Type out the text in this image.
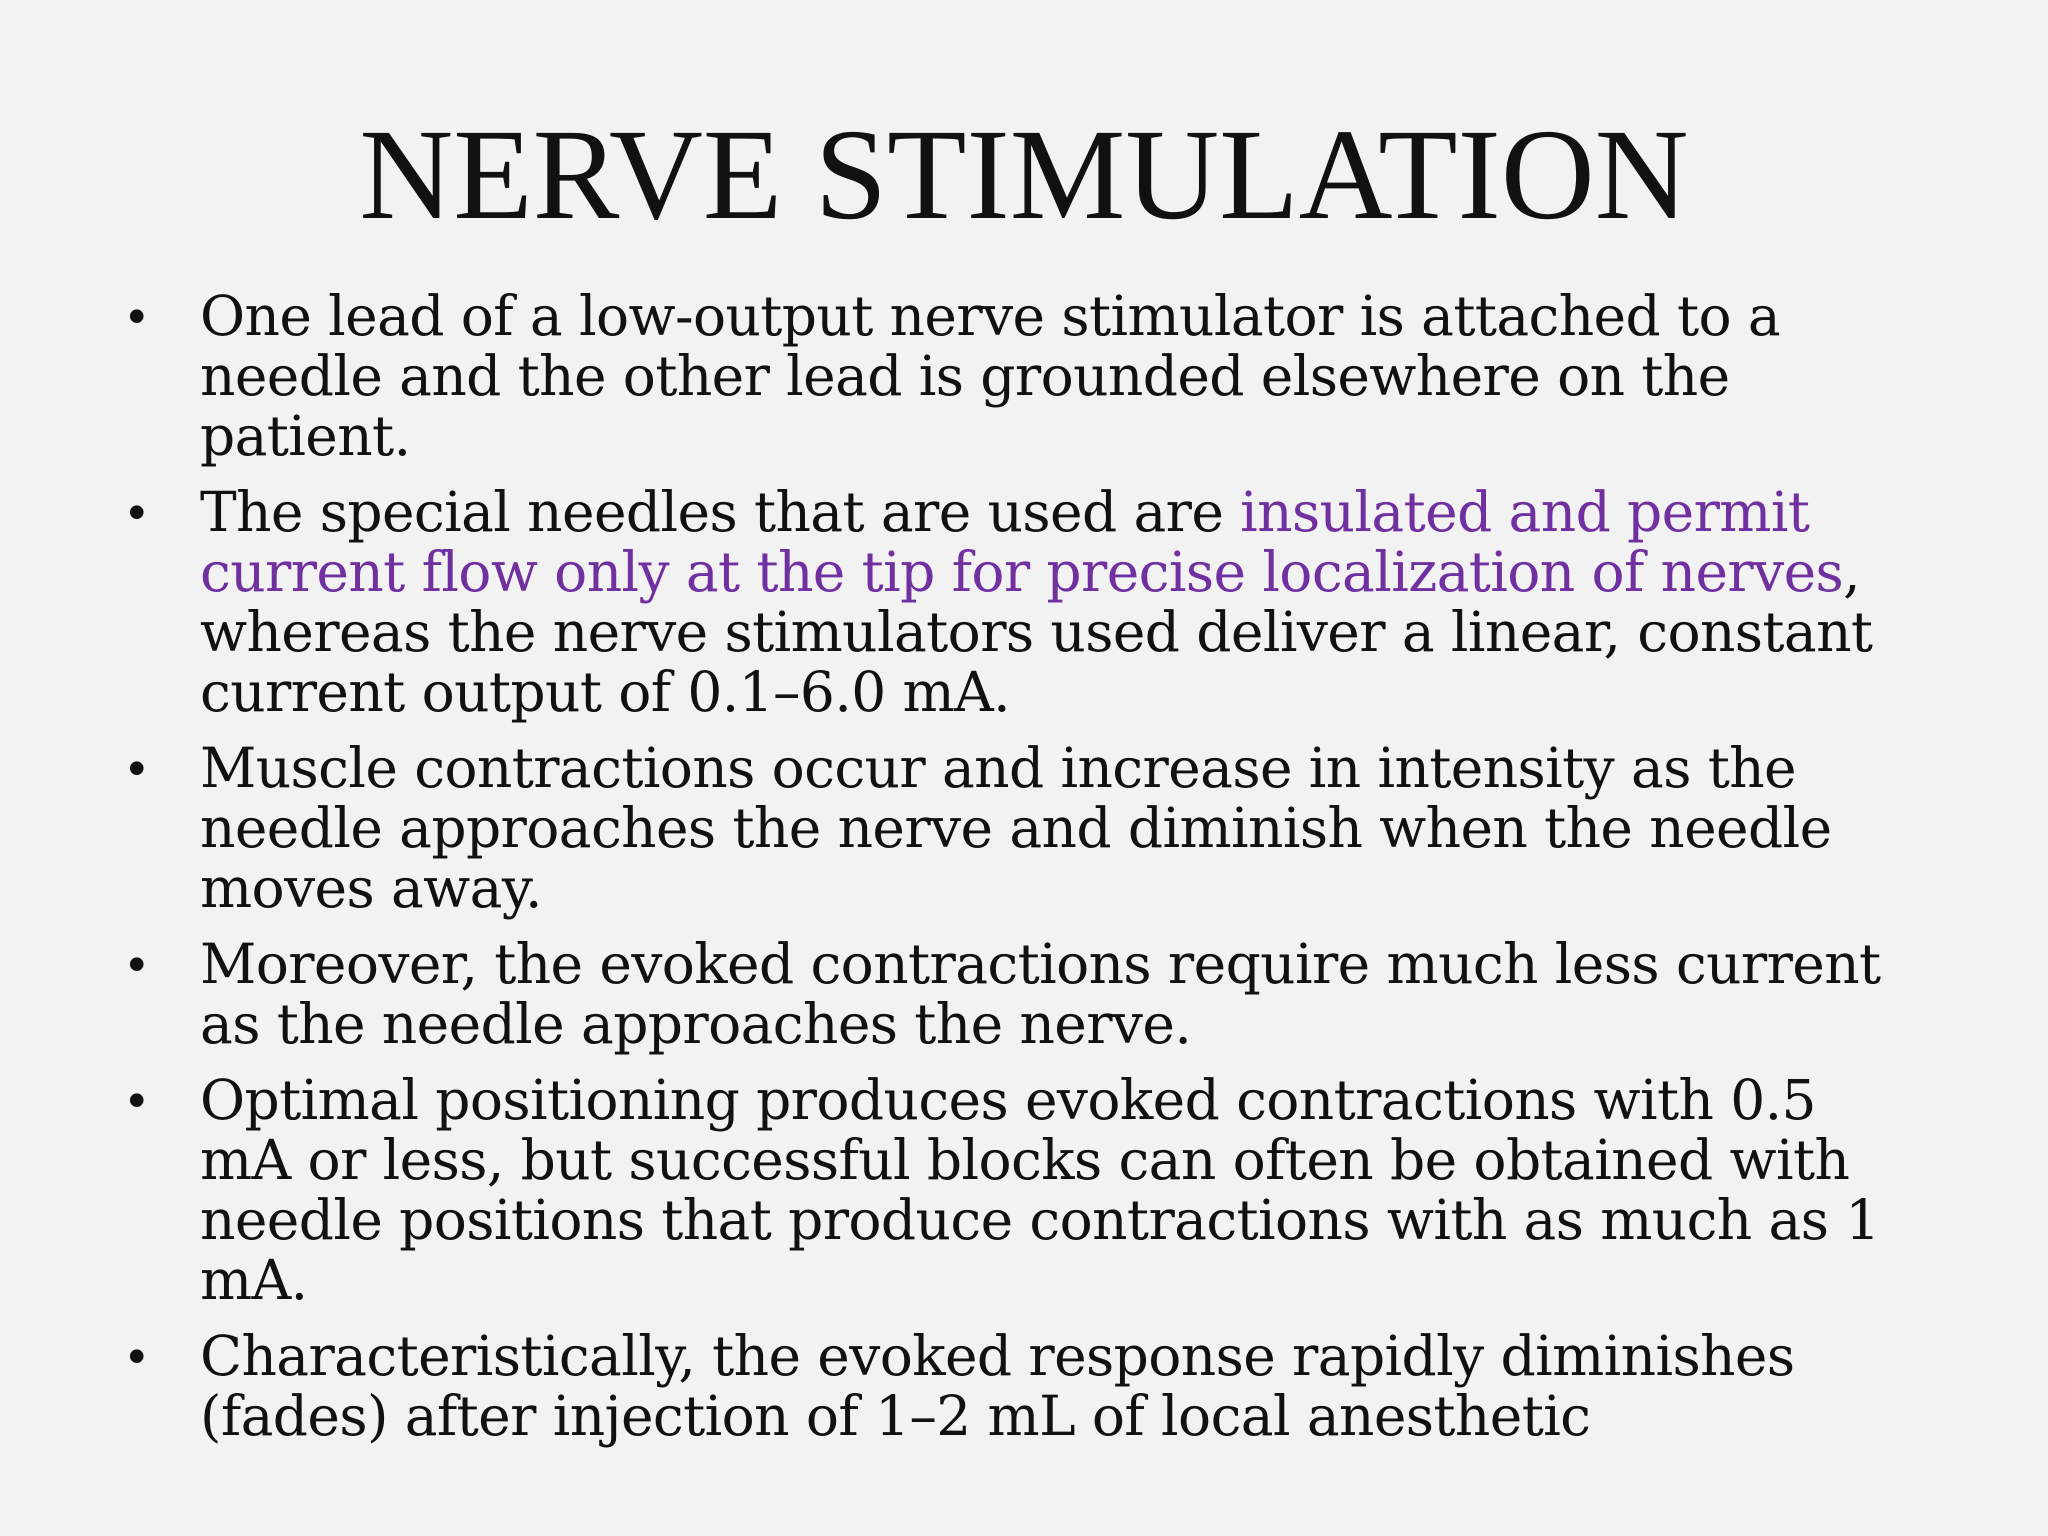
NERVE STIMULATION
• One lead of a low-output nerve stimulator is attached to a needle and the other lead is grounded elsewhere on the patient.
• The special needles that are used are insulated and permit current flow only at the tip for precise localization of nerves, whereas the nerve stimulators used deliver a linear, constant current output of 0.1–6.0 mA.
• Muscle contractions occur and increase in intensity as the needle approaches the nerve and diminish when the needle moves away.
• Moreover, the evoked contractions require much less current as the needle approaches the nerve.
• Optimal positioning produces evoked contractions with 0.5 mA or less, but successful blocks can often be obtained with needle positions that produce contractions with as much as 1 mA.
• Characteristically, the evoked response rapidly diminishes (fades) after injection of 1–2 mL of local anesthetic
